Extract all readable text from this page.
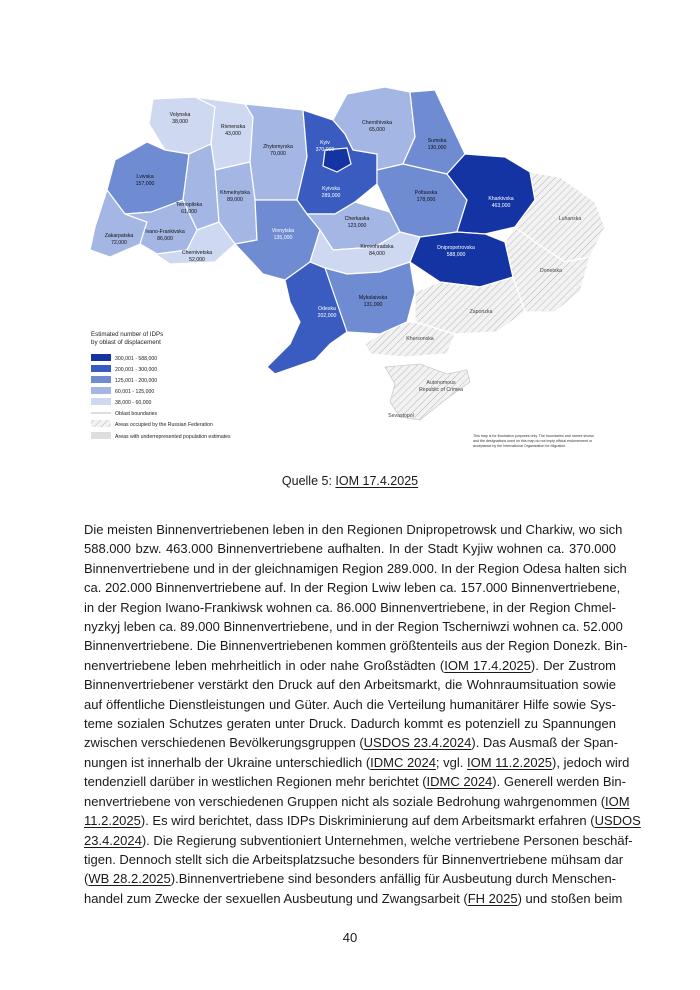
Volynska
38,000
Rivnenska
43,000
Zhytomyrska
70,000
Kyiv
370,000
Chernihivska
65,000
Sumska
130,000
Lvivska
157,000
Ternopilska
61,000
Khmelnytska
89,000
Kyivska
289,000	Poltavska
178,000	Kharkivska
463,000
Zakarpatska
72,000
Ivano-Frankivska
86,000
Chernivetska
52,000
Vinnytska
135,000
Cherkaska
123,000
Kirovohradska
84,000
Dnipropetrovska
588,000
Odeska
202,000
Mykolaivska
131,000
Luhanska
Donetska
Zaporizka
Khersonska
Autonomous
Republic of Crimea
Sevastopol
Estimated number of IDPs
by oblast of displacement
300,001 - 588,000
200,001 - 300,000
125,001 - 200,000
60,001 - 125,000
38,000 - 60,000
Oblast boundaries
Areas occupied by the Russian Federation
Areas with underrepresented population estimates	This map is for illustration purposes only. The boundaries and names shown
and the designations used on this map do not imply official endorsement or
acceptance by the International Organization for Migration.
Quelle 5: IOM 17.4.2025
Die meisten Binnenvertriebenen leben in den Regionen Dnipropetrowsk und Charkiw, wo sich
588.000 bzw. 463.000 Binnenvertriebene aufhalten. In der Stadt Kyjiw wohnen ca. 370.000
Binnenvertriebene und in der gleichnamigen Region 289.000. In der Region Odesa halten sich
ca. 202.000 Binnenvertriebene auf. In der Region Lwiw leben ca. 157.000 Binnenvertriebene,
in der Region Iwano-Frankiwsk wohnen ca. 86.000 Binnenvertriebene, in der Region Chmel-
nyzkyj leben ca. 89.000 Binnenvertriebene, und in der Region Tscherniwzi wohnen ca. 52.000
Binnenvertriebene. Die Binnenvertriebenen kommen größtenteils aus der Region Donezk. Bin-
nenvertriebene leben mehrheitlich in oder nahe Großstädten (IOM 17.4.2025). Der Zustrom
Binnenvertriebener verstärkt den Druck auf den Arbeitsmarkt, die Wohnraumsituation sowie
auf öffentliche Dienstleistungen und Güter. Auch die Verteilung humanitärer Hilfe sowie Sys-
teme sozialen Schutzes geraten unter Druck. Dadurch kommt es potenziell zu Spannungen
zwischen verschiedenen Bevölkerungsgruppen (USDOS 23.4.2024). Das Ausmaß der Span-
nungen ist innerhalb der Ukraine unterschiedlich (IDMC 2024; vgl. IOM 11.2.2025), jedoch wird
tendenziell darüber in westlichen Regionen mehr berichtet (IDMC 2024). Generell werden Bin-
nenvertriebene von verschiedenen Gruppen nicht als soziale Bedrohung wahrgenommen (IOM
11.2.2025). Es wird berichtet, dass IDPs Diskriminierung auf dem Arbeitsmarkt erfahren (USDOS
23.4.2024). Die Regierung subventioniert Unternehmen, welche vertriebene Personen beschäf-
tigen. Dennoch stellt sich die Arbeitsplatzsuche besonders für Binnenvertriebene mühsam dar
(WB 28.2.2025).Binnenvertriebene sind besonders anfällig für Ausbeutung durch Menschen-
handel zum Zwecke der sexuellen Ausbeutung und Zwangsarbeit (FH 2025) und stoßen beim
40
